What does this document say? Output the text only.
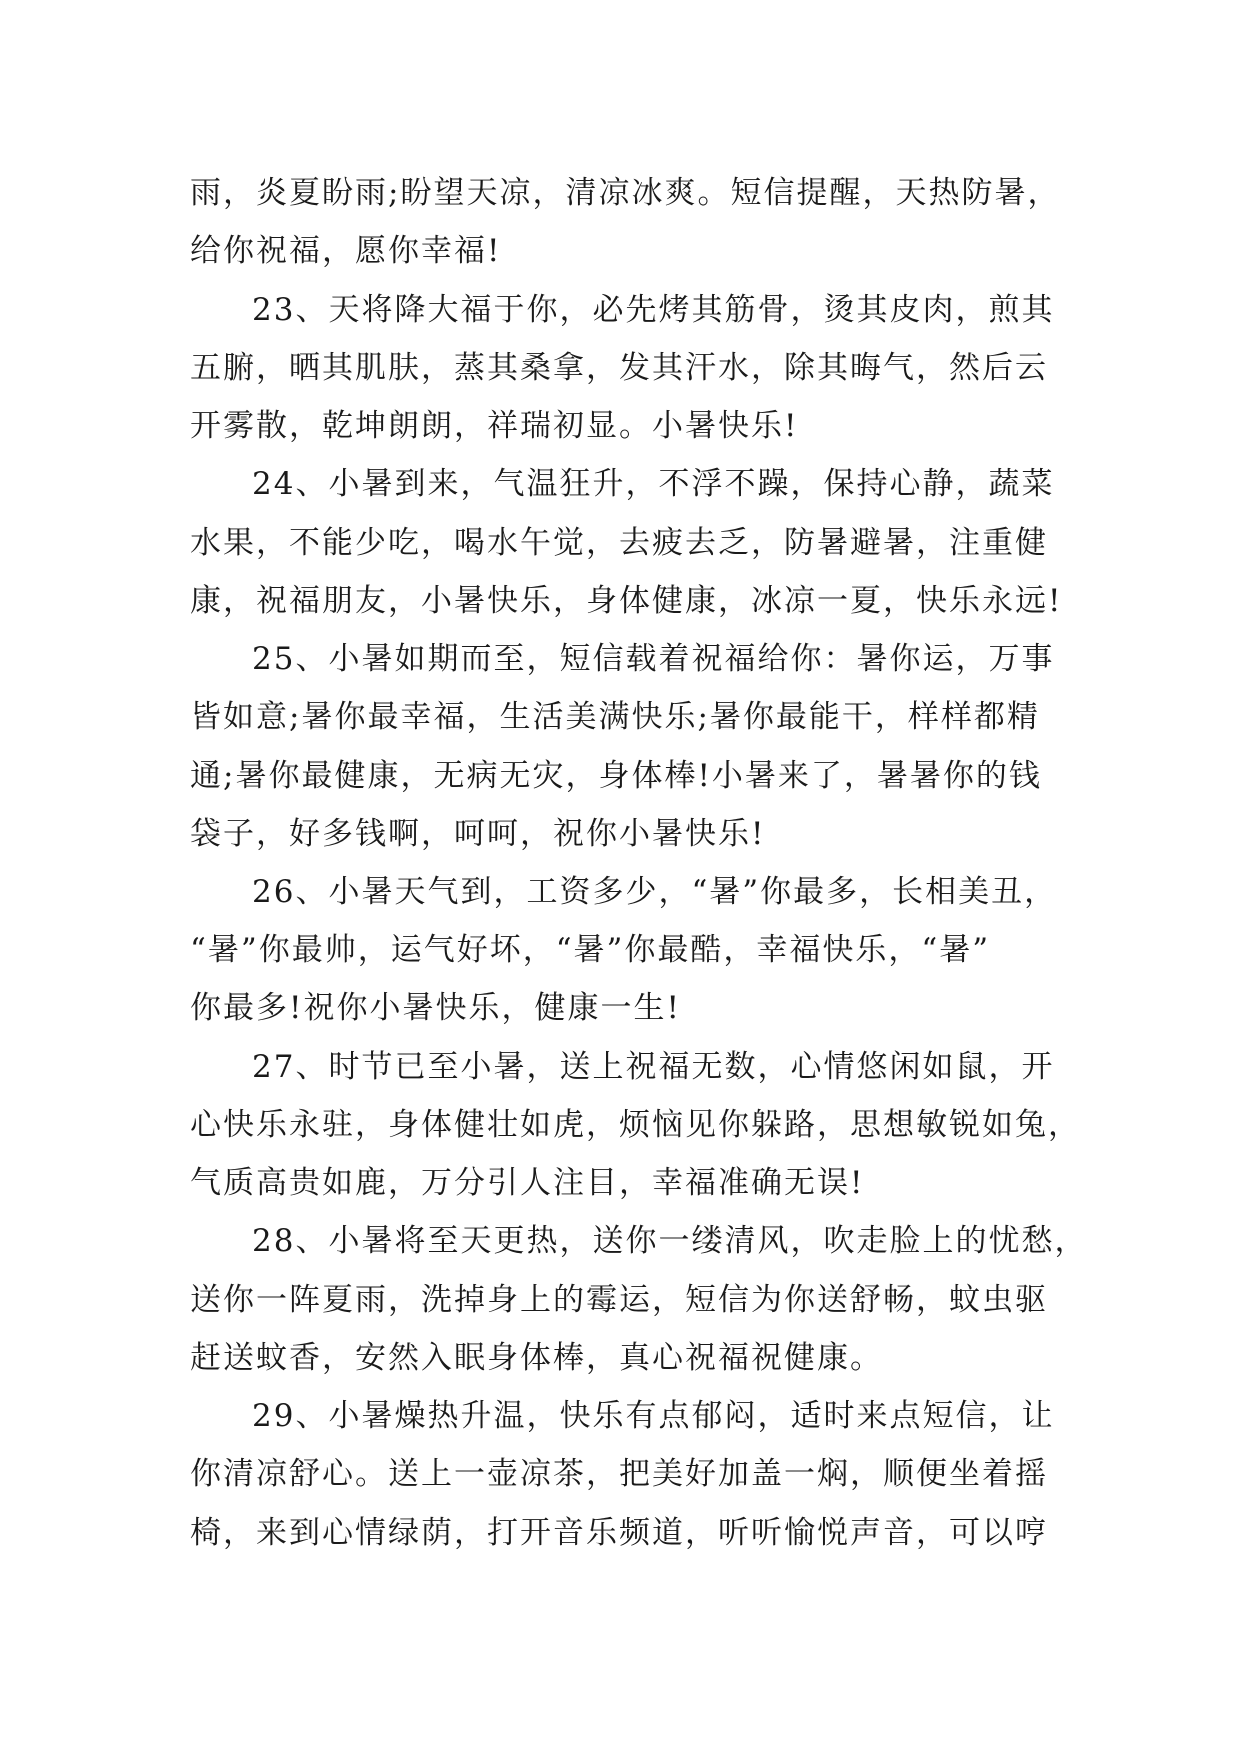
雨，炎夏盼雨;盼望天凉，清凉冰爽。短信提醒，天热防暑，
给你祝福，愿你幸福!
23、天将降大福于你，必先烤其筋骨，烫其皮肉，煎其
五腑，晒其肌肤，蒸其桑拿，发其汗水，除其晦气，然后云
开雾散，乾坤朗朗，祥瑞初显。小暑快乐!
24、小暑到来，气温狂升，不浮不躁，保持心静，蔬菜
水果，不能少吃，喝水午觉，去疲去乏，防暑避暑，注重健
康，祝福朋友，小暑快乐，身体健康，冰凉一夏，快乐永远!
25、小暑如期而至，短信载着祝福给你：暑你运，万事
皆如意;暑你最幸福，生活美满快乐;暑你最能干，样样都精
通;暑你最健康，无病无灾，身体棒!小暑来了，暑暑你的钱
袋子，好多钱啊，呵呵，祝你小暑快乐!
26、小暑天气到，工资多少，“暑”你最多，长相美丑，
“暑”你最帅，运气好坏，“暑”你最酷，幸福快乐，“暑”
你最多!祝你小暑快乐，健康一生!
27、时节已至小暑，送上祝福无数，心情悠闲如鼠，开
心快乐永驻，身体健壮如虎，烦恼见你躲路，思想敏锐如兔，
气质高贵如鹿，万分引人注目，幸福准确无误!
28、小暑将至天更热，送你一缕清风，吹走脸上的忧愁，
送你一阵夏雨，洗掉身上的霉运，短信为你送舒畅，蚊虫驱
赶送蚊香，安然入眠身体棒，真心祝福祝健康。
29、小暑燥热升温，快乐有点郁闷，适时来点短信，让
你清凉舒心。送上一壶凉茶，把美好加盖一焖，顺便坐着摇
椅，来到心情绿荫，打开音乐频道，听听愉悦声音，可以哼
